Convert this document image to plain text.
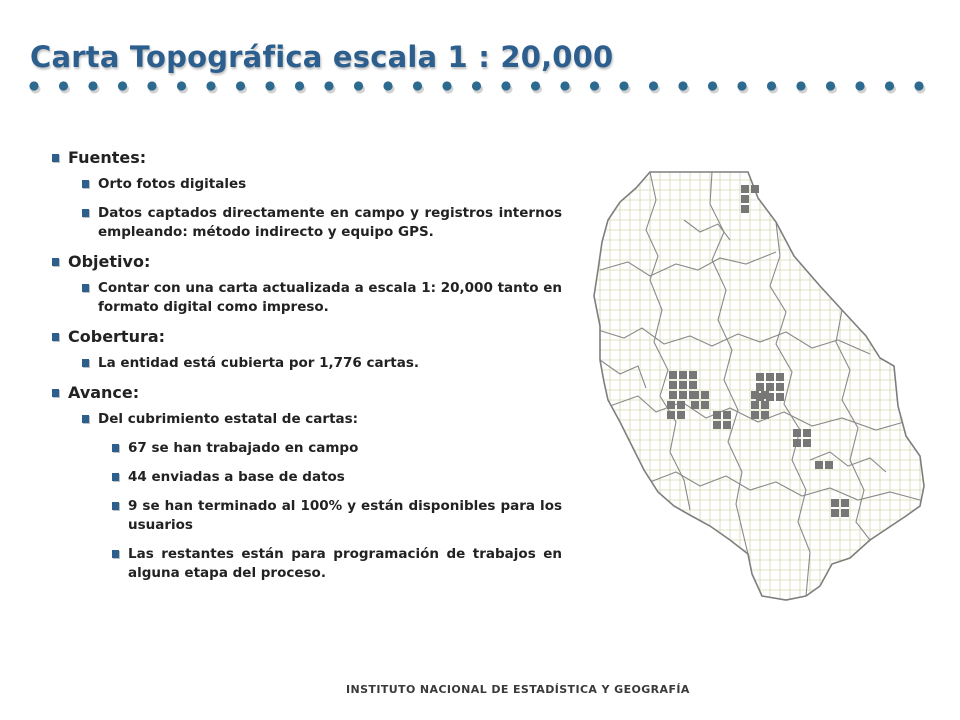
Carta Topográfica escala 1 : 20,000
Fuentes:
Orto fotos digitales
Datos captados directamente en campo y registros internos empleando: método indirecto y equipo GPS.
Objetivo:
Contar con una carta actualizada a escala 1: 20,000 tanto en formato digital como impreso.
Cobertura:
La entidad está cubierta por 1,776 cartas.
Avance:
Del cubrimiento estatal de cartas:
67 se han trabajado en campo
44 enviadas a base de datos
9 se han terminado al 100% y están disponibles para los usuarios
Las restantes están para programación de trabajos en alguna etapa del proceso.
INSTITUTO NACIONAL DE ESTADÍSTICA Y GEOGRAFÍA
